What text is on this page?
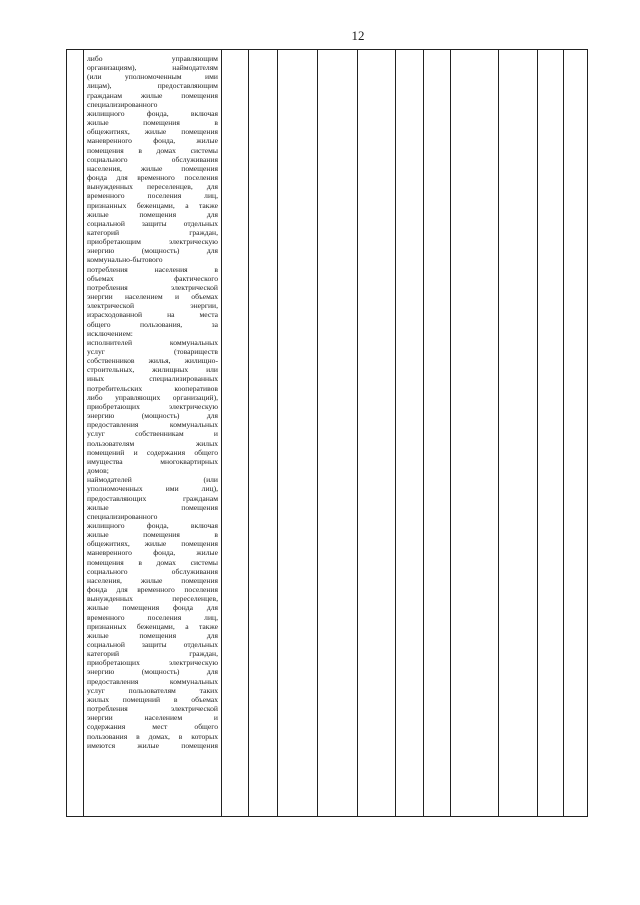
12
либо управляющим
организациям), наймодателям
(или уполномоченным ими
лицам), предоставляющим
гражданам жилые помещения
специализированного
жилищного фонда, включая
жилые помещения в
общежитиях, жилые помещения
маневренного фонда, жилые
помещения в домах системы
социального обслуживания
населения, жилые помещения
фонда для временного поселения
вынужденных переселенцев, для
временного поселения лиц,
признанных беженцами, а также
жилые помещения для
социальной защиты отдельных
категорий граждан,
приобретающим электрическую
энергию (мощность) для
коммунально-бытового
потребления населения в
объемах фактического
потребления электрической
энергии населением и объемах
электрической энергии,
израсходованной на места
общего пользования, за
исключением:
исполнителей коммунальных
услуг (товариществ
собственников жилья, жилищно-
строительных, жилищных или
иных специализированных
потребительских кооперативов
либо управляющих организаций),
приобретающих электрическую
энергию (мощность) для
предоставления коммунальных
услуг собственникам и
пользователям жилых
помещений и содержания общего
имущества многоквартирных
домов;
наймодателей (или
уполномоченных ими лиц),
предоставляющих гражданам
жилые помещения
специализированного
жилищного фонда, включая
жилые помещения в
общежитиях, жилые помещения
маневренного фонда, жилые
помещения в домах системы
социального обслуживания
населения, жилые помещения
фонда для временного поселения
вынужденных переселенцев,
жилые помещения фонда для
временного поселения лиц,
признанных беженцами, а также
жилые помещения для
социальной защиты отдельных
категорий граждан,
приобретающих электрическую
энергию (мощность) для
предоставления коммунальных
услуг пользователям таких
жилых помещений в объемах
потребления электрической
энергии населением и
содержания мест общего
пользования в домах, в которых
имеются жилые помещения
